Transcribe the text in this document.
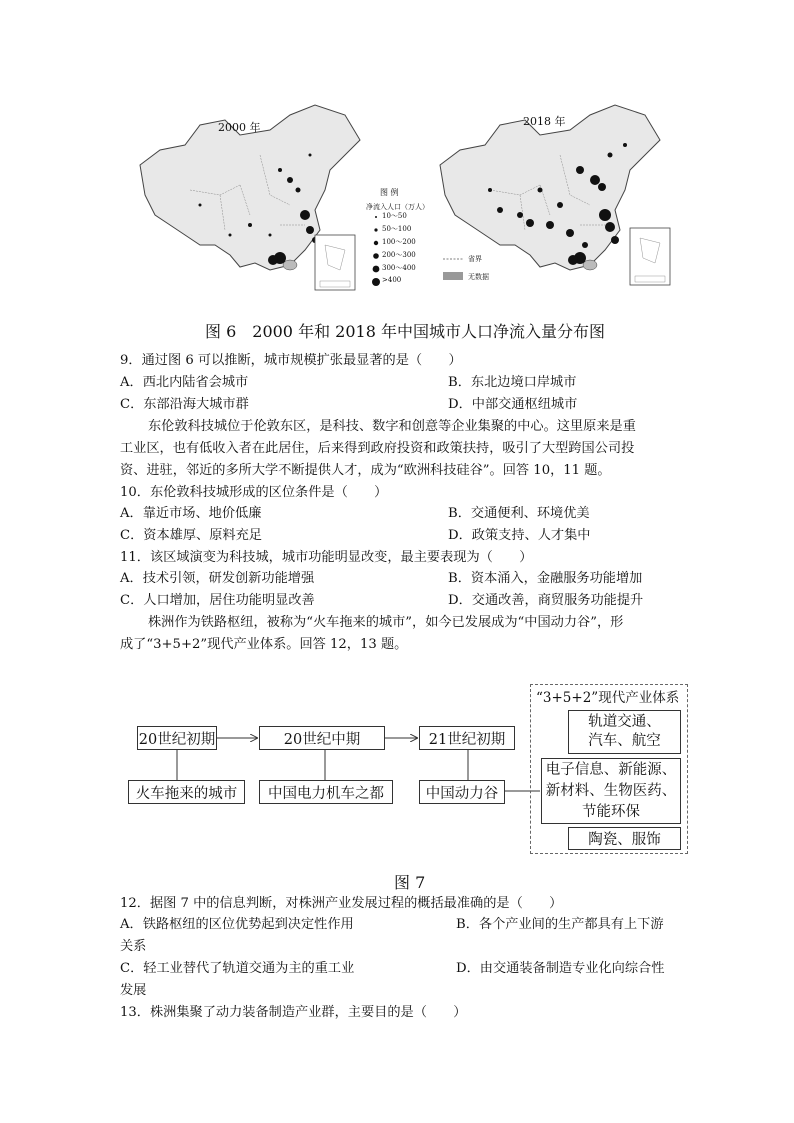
2000 年	2018 年
图 例
净流入人口（万人）
10～50
50～100
100～200
200～300
300～400
>400
省界
无数据
图 6　2000 年和 2018 年中国城市人口净流入量分布图
9．通过图 6 可以推断，城市规模扩张最显著的是（　　）
A．西北内陆省会城市	B．东北边境口岸城市
C．东部沿海大城市群	D．中部交通枢纽城市
东伦敦科技城位于伦敦东区，是科技、数字和创意等企业集聚的中心。这里原来是重
工业区，也有低收入者在此居住，后来得到政府投资和政策扶持，吸引了大型跨国公司投
资、进驻，邻近的多所大学不断提供人才，成为“欧洲科技硅谷”。回答 10，11 题。
10．东伦敦科技城形成的区位条件是（　　）
A．靠近市场、地价低廉	B．交通便利、环境优美
C．资本雄厚、原料充足	D．政策支持、人才集中
11．该区域演变为科技城，城市功能明显改变，最主要表现为（　　）
A．技术引领，研发创新功能增强	B．资本涌入，金融服务功能增加
C．人口增加，居住功能明显改善	D．交通改善，商贸服务功能提升
株洲作为铁路枢纽，被称为“火车拖来的城市”，如今已发展成为“中国动力谷”，形
成了“3+5+2”现代产业体系。回答 12，13 题。
20世纪初期	20世纪中期	21世纪初期
火车拖来的城市	中国电力机车之都	中国动力谷
“3+5+2”现代产业体系
轨道交通、
汽车、航空
电子信息、新能源、
新材料、生物医药、
节能环保
陶瓷、服饰
图 7
12．据图 7 中的信息判断，对株洲产业发展过程的概括最准确的是（　　）
A．铁路枢纽的区位优势起到决定性作用	B．各个产业间的生产都具有上下游
关系
C．轻工业替代了轨道交通为主的重工业	D．由交通装备制造专业化向综合性
发展
13．株洲集聚了动力装备制造产业群，主要目的是（　　）
